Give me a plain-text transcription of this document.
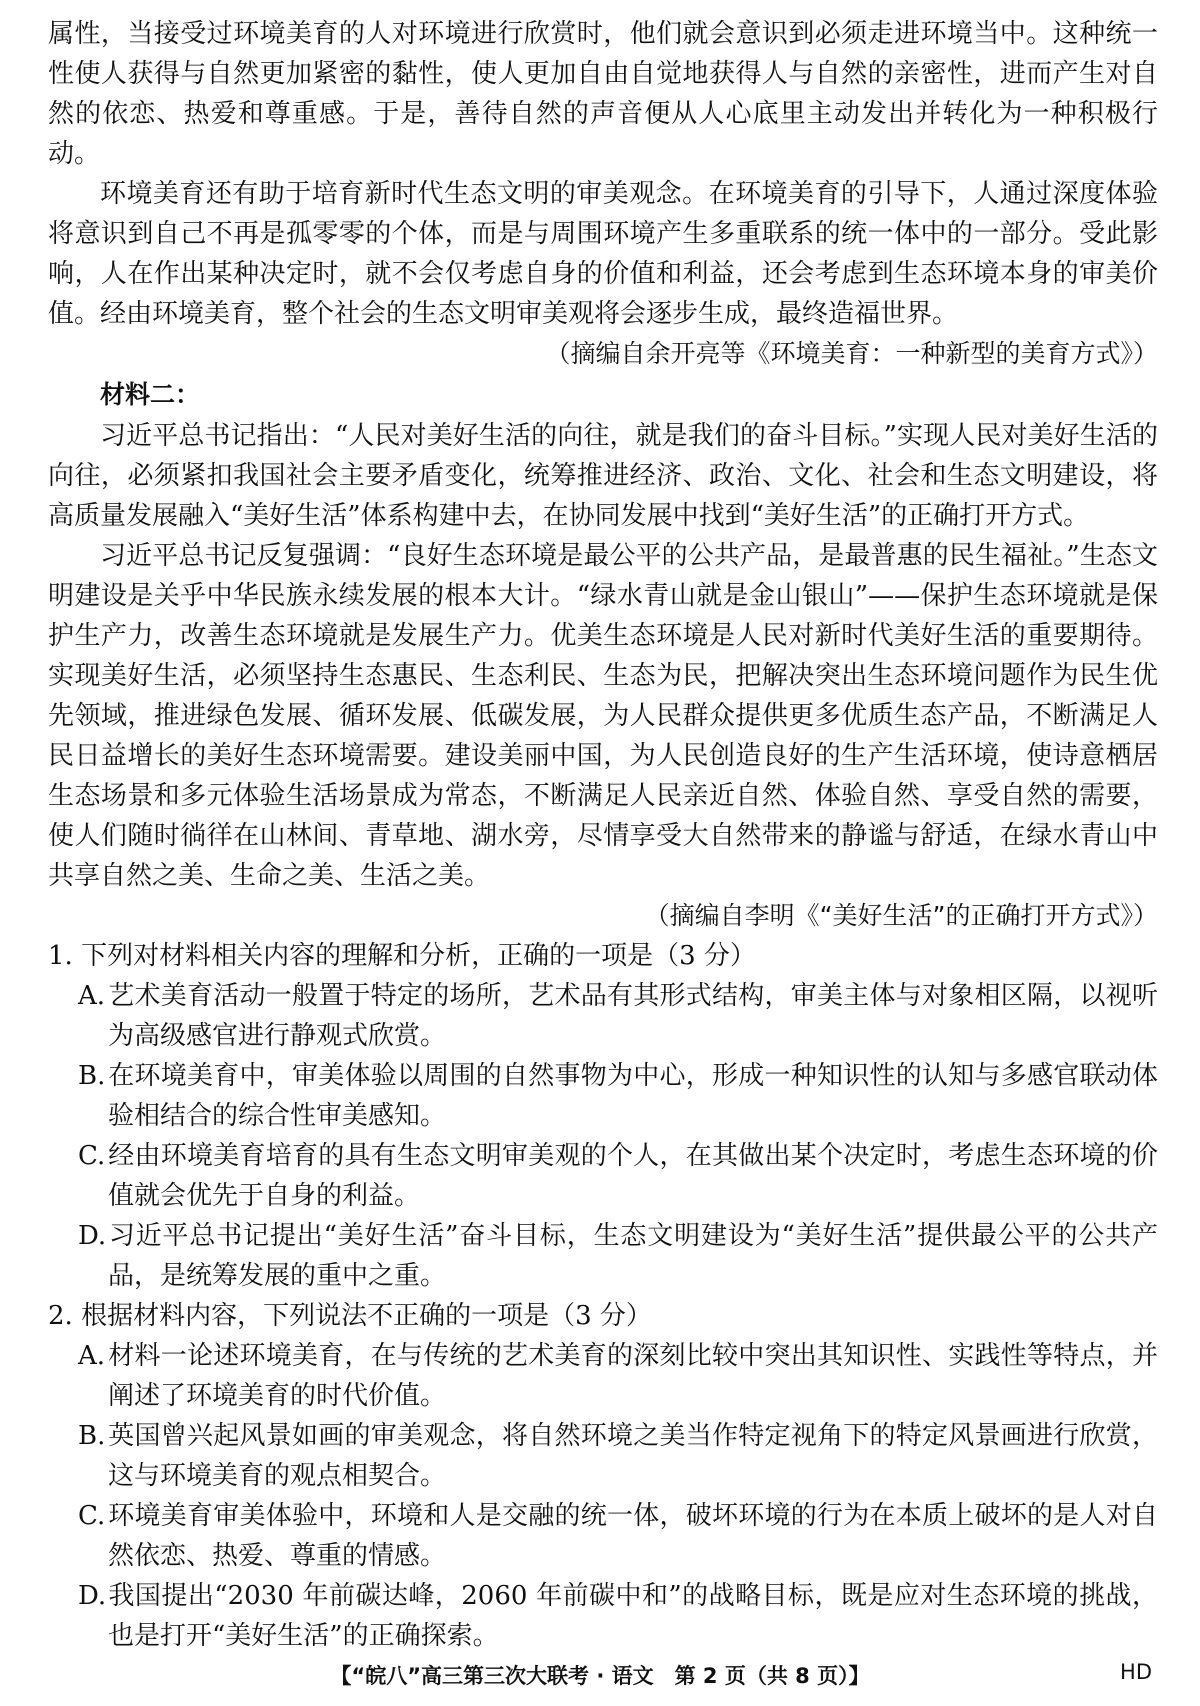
属性，当接受过环境美育的人对环境进行欣赏时，他们就会意识到必须走进环境当中。这种统一性使人获得与自然更加紧密的黏性，使人更加自由自觉地获得人与自然的亲密性，进而产生对自然的依恋、热爱和尊重感。于是，善待自然的声音便从人心底里主动发出并转化为一种积极行动。

环境美育还有助于培育新时代生态文明的审美观念。在环境美育的引导下，人通过深度体验将意识到自己不再是孤零零的个体，而是与周围环境产生多重联系的统一体中的一部分。受此影响，人在作出某种决定时，就不会仅考虑自身的价值和利益，还会考虑到生态环境本身的审美价值。经由环境美育，整个社会的生态文明审美观将会逐步生成，最终造福世界。

（摘编自余开亮等《环境美育：一种新型的美育方式》）

材料二：

习近平总书记指出：“人民对美好生活的向往，就是我们的奋斗目标。”实现人民对美好生活的向往，必须紧扣我国社会主要矛盾变化，统筹推进经济、政治、文化、社会和生态文明建设，将高质量发展融入“美好生活”体系构建中去，在协同发展中找到“美好生活”的正确打开方式。

习近平总书记反复强调：“良好生态环境是最公平的公共产品，是最普惠的民生福祉。”生态文明建设是关乎中华民族永续发展的根本大计。“绿水青山就是金山银山”——保护生态环境就是保护生产力，改善生态环境就是发展生产力。优美生态环境是人民对新时代美好生活的重要期待。实现美好生活，必须坚持生态惠民、生态利民、生态为民，把解决突出生态环境问题作为民生优先领域，推进绿色发展、循环发展、低碳发展，为人民群众提供更多优质生态产品，不断满足人民日益增长的美好生态环境需要。建设美丽中国，为人民创造良好的生产生活环境，使诗意栖居生态场景和多元体验生活场景成为常态，不断满足人民亲近自然、体验自然、享受自然的需要，使人们随时徜徉在山林间、青草地、湖水旁，尽情享受大自然带来的静谧与舒适，在绿水青山中共享自然之美、生命之美、生活之美。

（摘编自李明《“美好生活”的正确打开方式》）

1. 下列对材料相关内容的理解和分析，正确的一项是（3 分）

A. 艺术美育活动一般置于特定的场所，艺术品有其形式结构，审美主体与对象相区隔，以视听为高级感官进行静观式欣赏。

B. 在环境美育中，审美体验以周围的自然事物为中心，形成一种知识性的认知与多感官联动体验相结合的综合性审美感知。

C. 经由环境美育培育的具有生态文明审美观的个人，在其做出某个决定时，考虑生态环境的价值就会优先于自身的利益。

D.习近平总书记提出“美好生活”奋斗目标，生态文明建设为“美好生活”提供最公平的公共产品，是统筹发展的重中之重。

2. 根据材料内容，下列说法不正确的一项是（3 分）

A. 材料一论述环境美育，在与传统的艺术美育的深刻比较中突出其知识性、实践性等特点，并阐述了环境美育的时代价值。

B. 英国曾兴起风景如画的审美观念，将自然环境之美当作特定视角下的特定风景画进行欣赏，这与环境美育的观点相契合。

C. 环境美育审美体验中，环境和人是交融的统一体，破坏环境的行为在本质上破坏的是人对自然依恋、热爱、尊重的情感。

D.我国提出“2030 年前碳达峰，2060 年前碳中和”的战略目标，既是应对生态环境的挑战，也是打开“美好生活”的正确探索。

【“皖八”高三第三次大联考 · 语文　第 2 页（共 8 页）】	HD
